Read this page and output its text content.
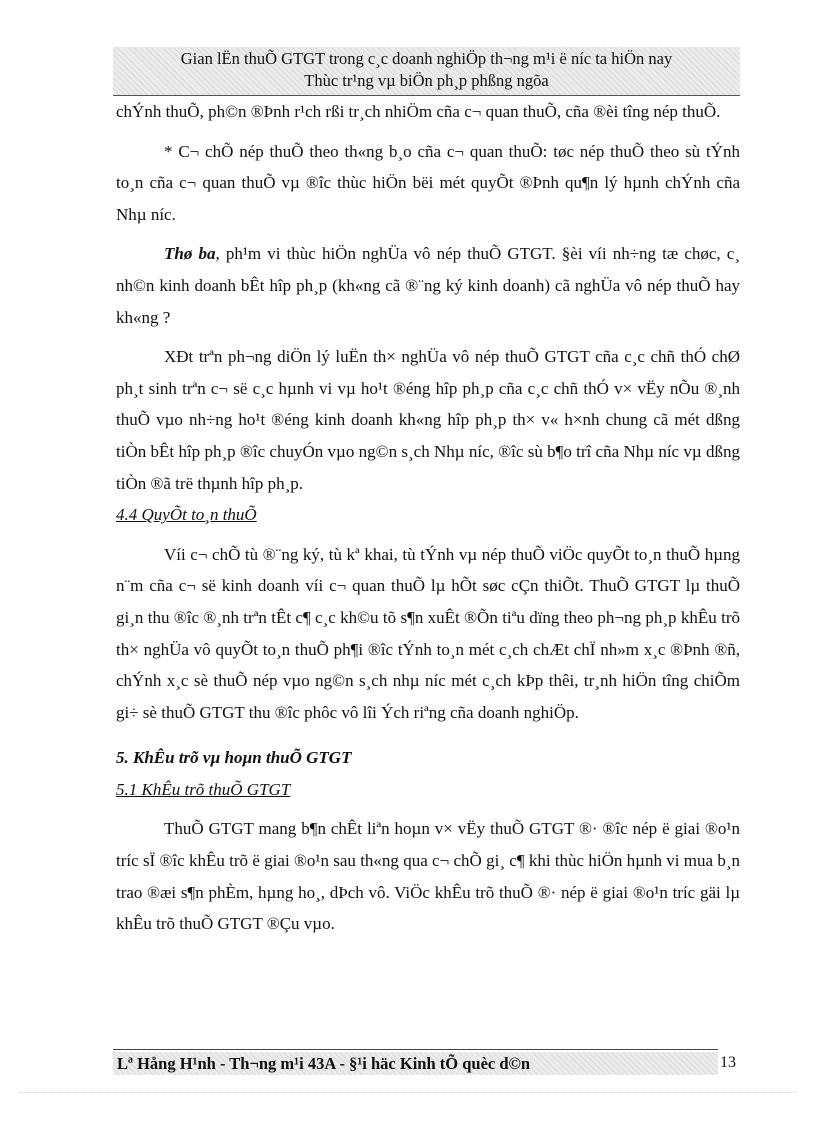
Gian lËn thuÕ GTGT trong c¸c doanh nghiÖp th¬ng m¹i ë níc ta hiÖn nay
Thùc tr¹ng vµ biÖn ph¸p phßng ngõa

chÝnh thuÕ, ph©n ®Þnh r¹ch rßi tr¸ch nhiÖm cña c¬ quan thuÕ, cña ®èi tîng nép thuÕ.

* C¬ chÕ nép thuÕ theo th«ng b¸o cña c¬ quan thuÕ: tøc nép thuÕ theo sù tÝnh to¸n cña c¬ quan thuÕ vµ ®îc thùc hiÖn bëi mét quyÕt ®Þnh qu¶n lý hµnh chÝnh cña Nhµ níc.

Thø ba, ph¹m vi thùc hiÖn nghÜa vô nép thuÕ GTGT. §èi víi nh÷ng tæ chøc, c¸ nh©n kinh doanh bÊt hîp ph¸p (kh«ng cã ®¨ng ký kinh doanh) cã nghÜa vô nép thuÕ hay kh«ng ?

XÐt trªn ph¬ng diÖn lý luËn th× nghÜa vô nép thuÕ GTGT cña c¸c chñ thÓ chØ ph¸t sinh trªn c¬ së c¸c hµnh vi vµ ho¹t ®éng hîp ph¸p cña c¸c chñ thÓ v× vËy nÕu ®¸nh thuÕ vµo nh÷ng ho¹t ®éng kinh doanh kh«ng hîp ph¸p th× v« h×nh chung cã mét dßng tiÒn bÊt hîp ph¸p ®îc chuyÓn vµo ng©n s¸ch Nhµ níc, ®îc sù b¶o trî cña Nhµ níc vµ dßng tiÒn ®ã trë thµnh hîp ph¸p.

4.4 QuyÕt to¸n thuÕ

Víi c¬ chÕ tù ®¨ng ký, tù kª khai, tù tÝnh vµ nép thuÕ viÖc quyÕt to¸n thuÕ hµng n¨m cña c¬ së kinh doanh víi c¬ quan thuÕ lµ hÕt søc cÇn thiÕt. ThuÕ GTGT lµ thuÕ gi¸n thu ®îc ®¸nh trªn tÊt c¶ c¸c kh©u tõ s¶n xuÊt ®Õn tiªu dïng theo ph¬ng ph¸p khÊu trõ th× nghÜa vô quyÕt to¸n thuÕ ph¶i ®îc tÝnh to¸n mét c¸ch chÆt chÏ nh»m x¸c ®Þnh ®ñ, chÝnh x¸c sè thuÕ nép vµo ng©n s¸ch nhµ níc mét c¸ch kÞp thêi, tr¸nh hiÖn tîng chiÕm gi÷ sè thuÕ GTGT thu ®îc phôc vô lîi Ých riªng cña doanh nghiÖp.

5. KhÊu trõ vµ hoµn thuÕ GTGT

5.1 KhÊu trõ thuÕ GTGT

ThuÕ GTGT mang b¶n chÊt liªn hoµn v× vËy thuÕ GTGT ®· ®îc nép ë giai ®o¹n tríc sÏ ®îc khÊu trõ ë giai ®o¹n sau th«ng qua c¬ chÕ gi¸ c¶ khi thùc hiÖn hµnh vi mua b¸n trao ®æi s¶n phÈm, hµng ho¸, dÞch vô. ViÖc khÊu trõ thuÕ ®· nép ë giai ®o¹n tríc gäi lµ khÊu trõ thuÕ GTGT ®Çu vµo.

Lª Hång H¹nh - Th¬ng m¹i 43A - §¹i häc Kinh tÕ quèc d©n	13
